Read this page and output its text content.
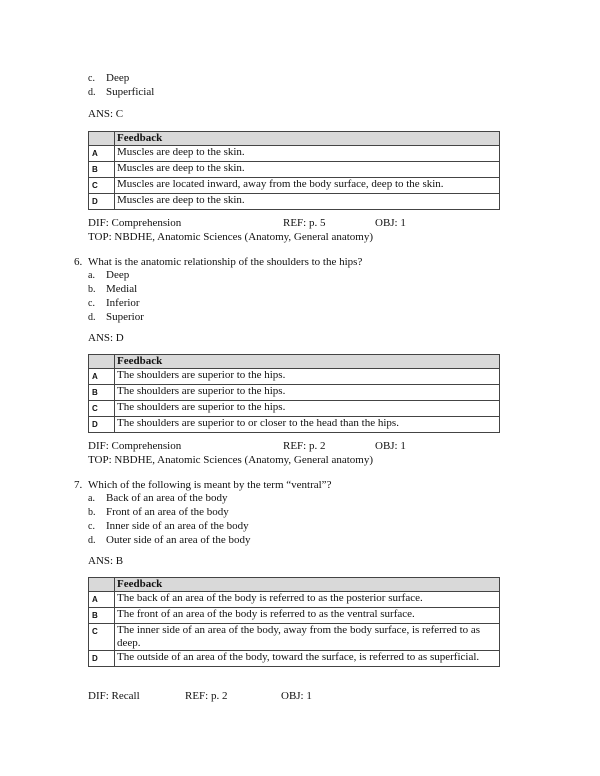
c. Deep
d. Superficial
ANS: C
	Feedback
A	Muscles are deep to the skin.
B	Muscles are deep to the skin.
C	Muscles are located inward, away from the body surface, deep to the skin.
D	Muscles are deep to the skin.
DIF: Comprehension	REF: p. 5	OBJ: 1
TOP: NBDHE, Anatomic Sciences (Anatomy, General anatomy)
6. What is the anatomic relationship of the shoulders to the hips?
a. Deep
b. Medial
c. Inferior
d. Superior
ANS: D
	Feedback
A	The shoulders are superior to the hips.
B	The shoulders are superior to the hips.
C	The shoulders are superior to the hips.
D	The shoulders are superior to or closer to the head than the hips.
DIF: Comprehension	REF: p. 2	OBJ: 1
TOP: NBDHE, Anatomic Sciences (Anatomy, General anatomy)
7. Which of the following is meant by the term “ventral”?
a. Back of an area of the body
b. Front of an area of the body
c. Inner side of an area of the body
d. Outer side of an area of the body
ANS: B
	Feedback
A	The back of an area of the body is referred to as the posterior surface.
B	The front of an area of the body is referred to as the ventral surface.
C	The inner side of an area of the body, away from the body surface, is referred to as deep.
D	The outside of an area of the body, toward the surface, is referred to as superficial.
DIF: Recall	REF: p. 2	OBJ: 1
